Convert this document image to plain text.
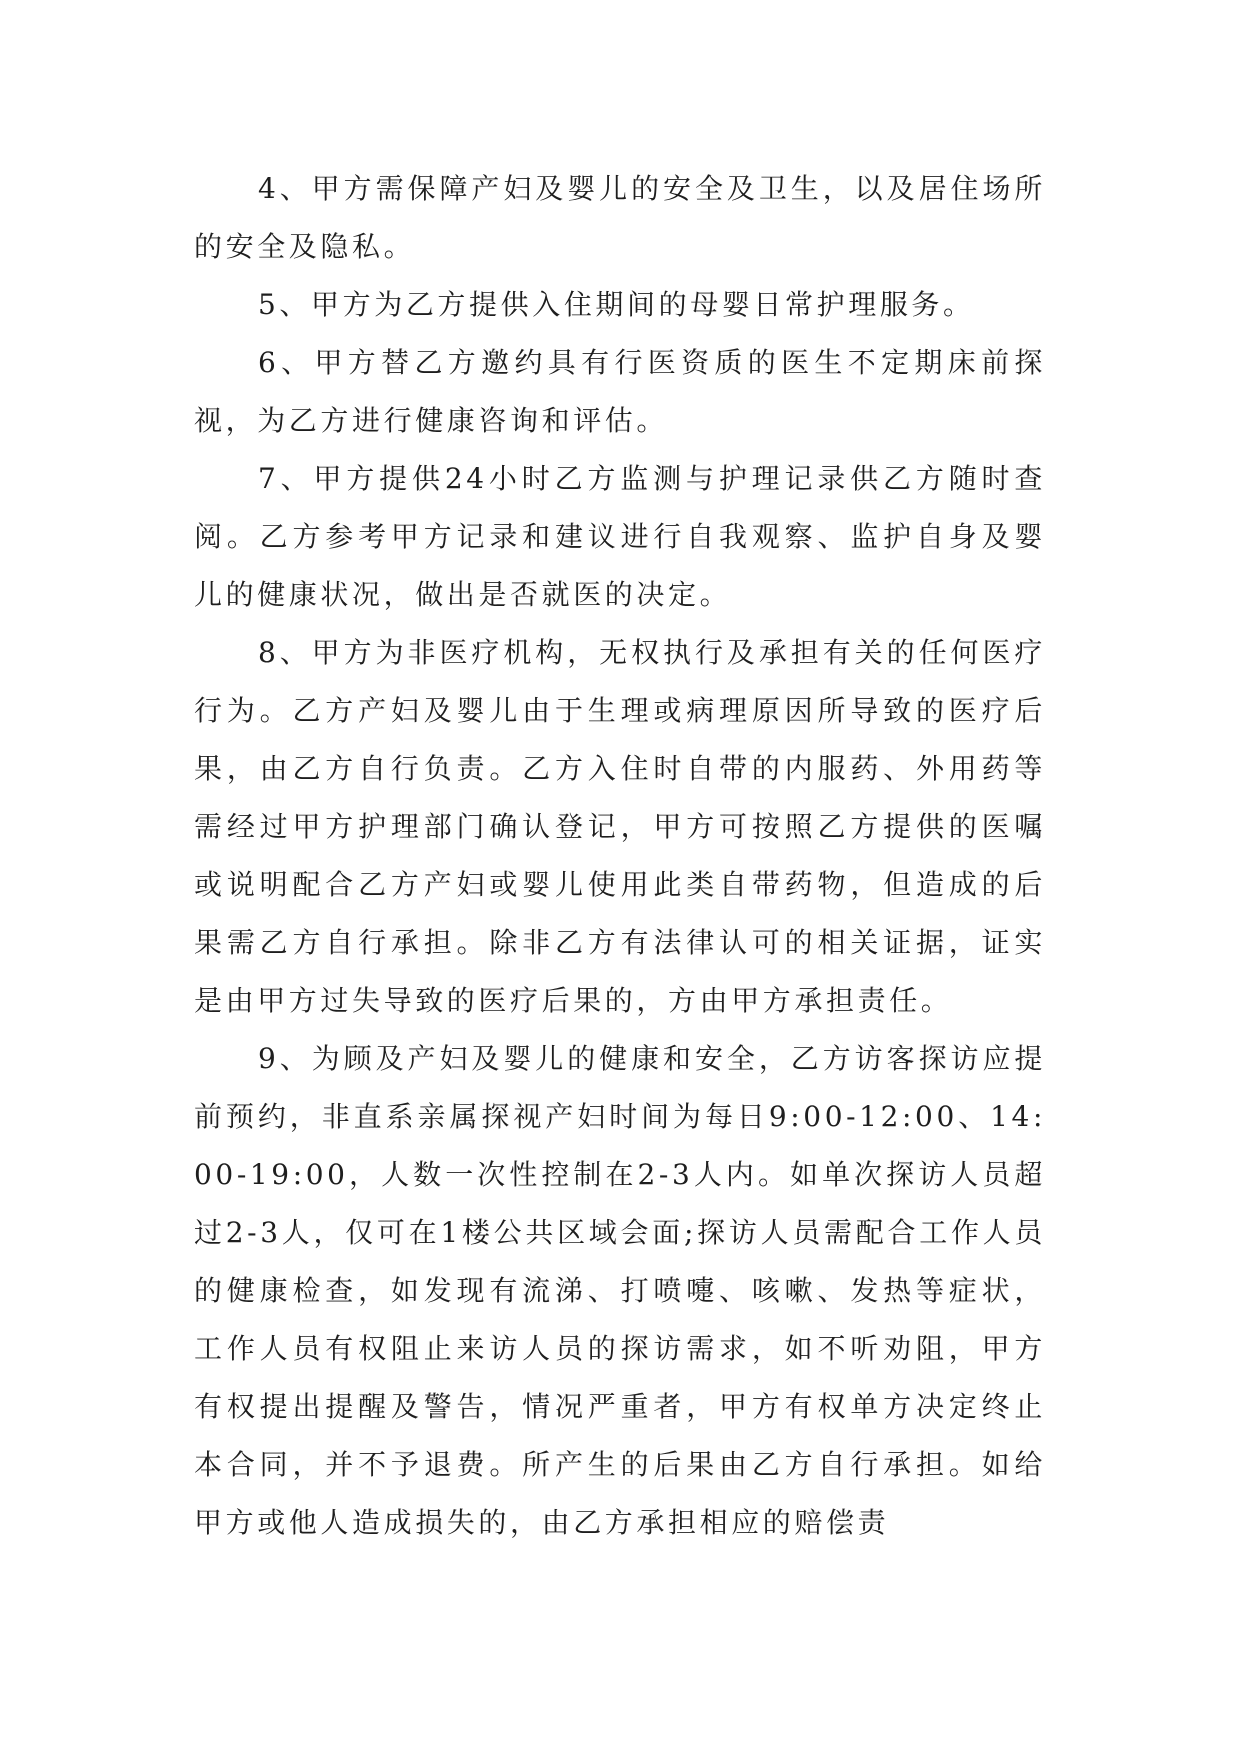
4、甲方需保障产妇及婴儿的安全及卫生，以及居住场所的安全及隐私。

5、甲方为乙方提供入住期间的母婴日常护理服务。

6、甲方替乙方邀约具有行医资质的医生不定期床前探视，为乙方进行健康咨询和评估。

7、甲方提供24小时乙方监测与护理记录供乙方随时查阅。乙方参考甲方记录和建议进行自我观察、监护自身及婴儿的健康状况，做出是否就医的决定。

8、甲方为非医疗机构，无权执行及承担有关的任何医疗行为。乙方产妇及婴儿由于生理或病理原因所导致的医疗后果，由乙方自行负责。乙方入住时自带的内服药、外用药等需经过甲方护理部门确认登记，甲方可按照乙方提供的医嘱或说明配合乙方产妇或婴儿使用此类自带药物，但造成的后果需乙方自行承担。除非乙方有法律认可的相关证据，证实是由甲方过失导致的医疗后果的，方由甲方承担责任。

9、为顾及产妇及婴儿的健康和安全，乙方访客探访应提前预约，非直系亲属探视产妇时间为每日9:00-12:00、14:00-19:00，人数一次性控制在2-3人内。如单次探访人员超过2-3人，仅可在1楼公共区域会面;探访人员需配合工作人员的健康检查，如发现有流涕、打喷嚏、咳嗽、发热等症状，工作人员有权阻止来访人员的探访需求，如不听劝阻，甲方有权提出提醒及警告，情况严重者，甲方有权单方决定终止本合同，并不予退费。所产生的后果由乙方自行承担。如给甲方或他人造成损失的，由乙方承担相应的赔偿责
